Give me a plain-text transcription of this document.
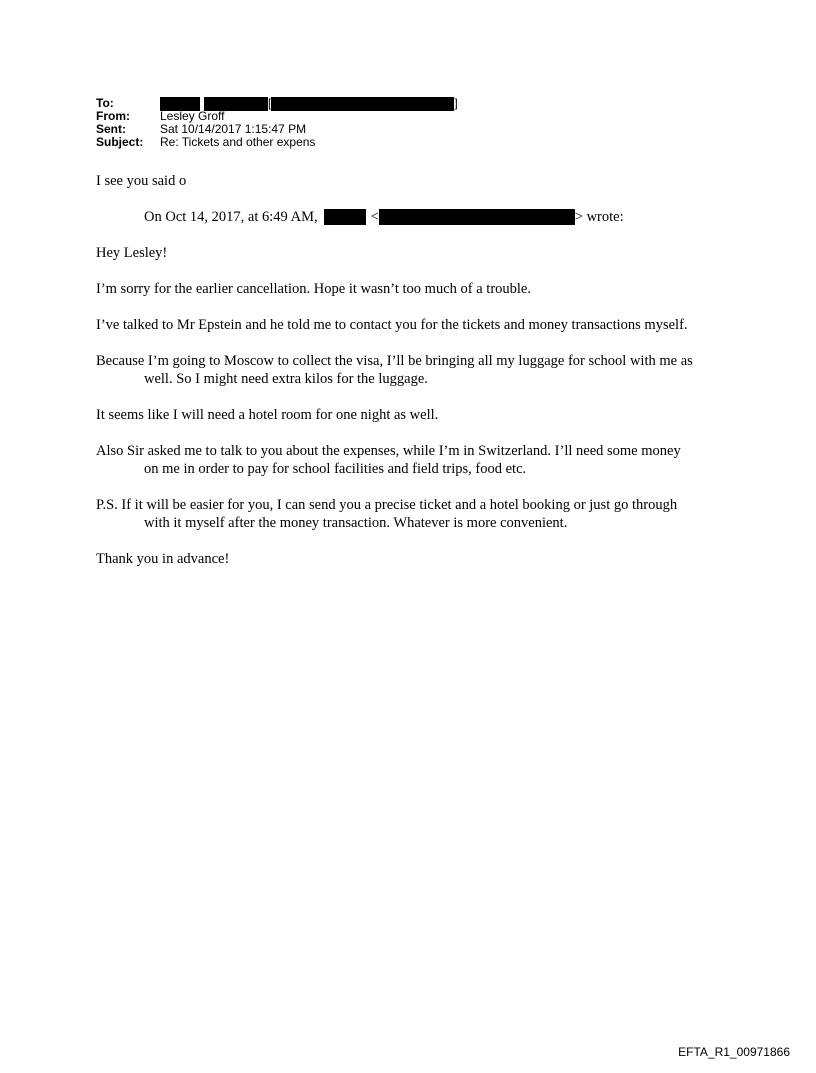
To:	[	]
From:	Lesley Groff
Sent:	Sat 10/14/2017 1:15:47 PM
Subject:	Re: Tickets and other expens

I see you said o

On Oct 14, 2017, at 6:49 AM,	<	> wrote:

Hey Lesley!

I’m sorry for the earlier cancellation. Hope it wasn’t too much of a trouble.

I’ve talked to Mr Epstein and he told me to contact you for the tickets and money transactions myself.

Because I’m going to Moscow to collect the visa, I’ll be bringing all my luggage for school with me as well. So I might need extra kilos for the luggage.

It seems like I will need a hotel room for one night as well.

Also Sir asked me to talk to you about the expenses, while I’m in Switzerland. I’ll need some money on me in order to pay for school facilities and field trips, food etc.

P.S. If it will be easier for you, I can send you a precise ticket and a hotel booking or just go through with it myself after the money transaction. Whatever is more convenient.

Thank you in advance!

EFTA_R1_00971866
